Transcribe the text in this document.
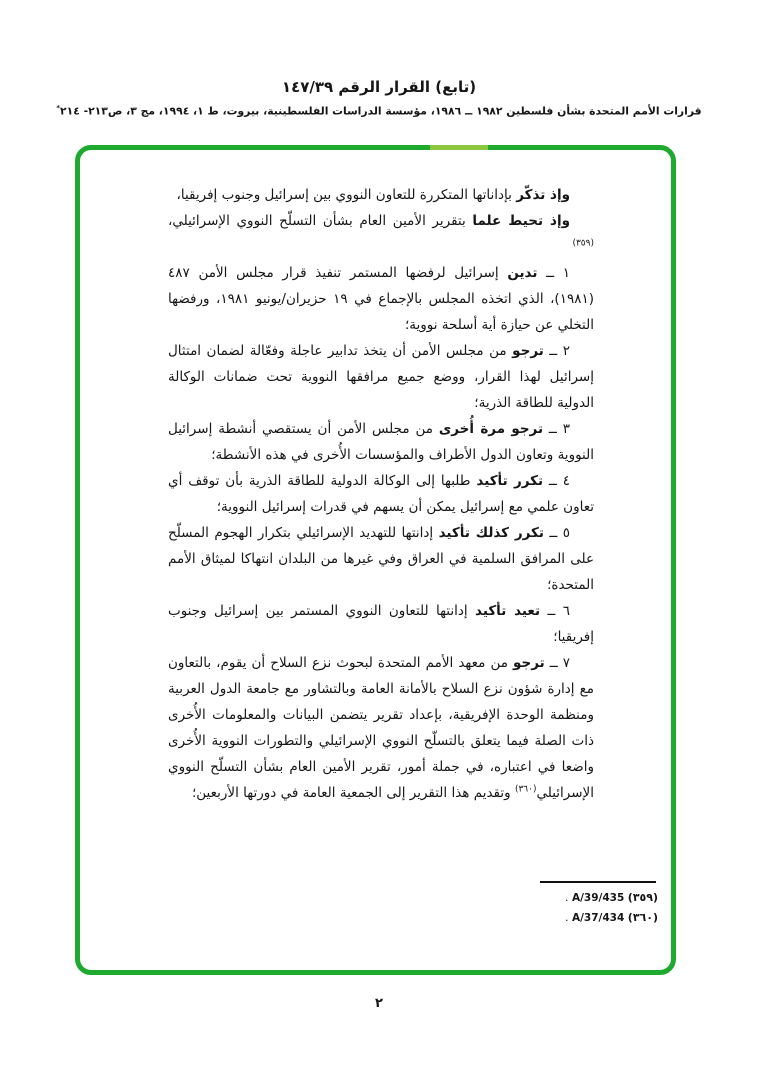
(تابع) القرار الرقم ١٤٧/٣٩
قرارات الأمم المتحدة بشأن فلسطين ١٩٨٢ ــ ١٩٨٦، مؤسسة الدراسات الفلسطينية، بيروت، ط ١، ١٩٩٤، مج ٣، ص٢١٣- ٢١٤*

وإذ تذكّر بإداناتها المتكررة للتعاون النووي بين إسرائيل وجنوب إفريقيا،

وإذ تحيط علما بتقرير الأمين العام بشأن التسلّح النووي الإسرائيلي،$^{(٣٥٩)}$

١ ــ تدين إسرائيل لرفضها المستمر تنفيذ قرار مجلس الأمن ٤٨٧ (١٩٨١)، الذي اتخذه المجلس بالإجماع في ١٩ حزيران/يونيو ١٩٨١، ورفضها التخلي عن حيازة أية أسلحة نووية؛

٢ ــ ترجو من مجلس الأمن أن يتخذ تدابير عاجلة وفعّالة لضمان امتثال إسرائيل لهذا القرار، ووضع جميع مرافقها النووية تحت ضمانات الوكالة الدولية للطاقة الذرية؛

٣ ــ ترجو مرة أُخرى من مجلس الأمن أن يستقصي أنشطة إسرائيل النووية وتعاون الدول الأطراف والمؤسسات الأُخرى في هذه الأنشطة؛

٤ ــ تكرر تأكيد طلبها إلى الوكالة الدولية للطاقة الذرية بأن توقف أي تعاون علمي مع إسرائيل يمكن أن يسهم في قدرات إسرائيل النووية؛

٥ ــ تكرر كذلك تأكيد إدانتها للتهديد الإسرائيلي بتكرار الهجوم المسلّح على المرافق السلمية في العراق وفي غيرها من البلدان انتهاكا لميثاق الأمم المتحدة؛

٦ ــ تعيد تأكيد إدانتها للتعاون النووي المستمر بين إسرائيل وجنوب إفريقيا؛

٧ ــ ترجو من معهد الأمم المتحدة لبحوث نزع السلاح أن يقوم، بالتعاون مع إدارة شؤون نزع السلاح بالأمانة العامة وبالتشاور مع جامعة الدول العربية ومنظمة الوحدة الإفريقية، بإعداد تقرير يتضمن البيانات والمعلومات الأُخرى ذات الصلة فيما يتعلق بالتسلّح النووي الإسرائيلي والتطورات النووية الأُخرى واضعا في اعتباره، في جملة أمور، تقرير الأمين العام بشأن التسلّح النووي الإسرائيلي$^{(٣٦٠)}$ وتقديم هذا التقرير إلى الجمعية العامة في دورتها الأربعين؛

(٣٥٩) A/39/435 .
(٣٦٠) A/37/434 .
٢
